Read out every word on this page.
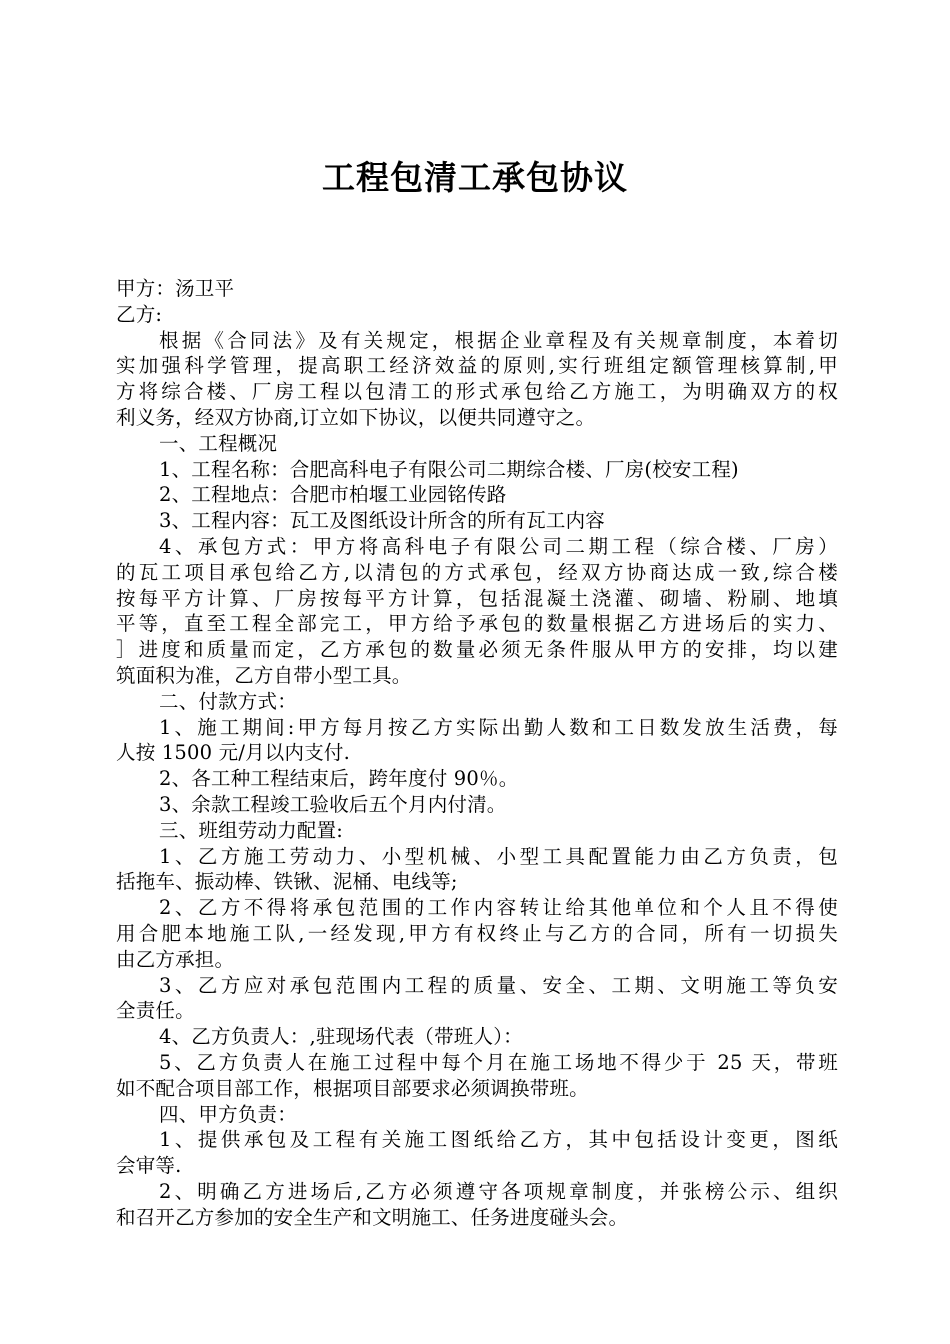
工程包清工承包协议

甲方：汤卫平

乙方:

根据《合同法》及有关规定，根据企业章程及有关规章制度，本着切

实加强科学管理，提高职工经济效益的原则,实行班组定额管理核算制,甲

方将综合楼、厂房工程以包清工的形式承包给乙方施工，为明确双方的权

利义务，经双方协商,订立如下协议，以便共同遵守之。

一、工程概况

1、工程名称：合肥高科电子有限公司二期综合楼、厂房(校安工程)

2、工程地点：合肥市柏堰工业园铭传路

3、工程内容：瓦工及图纸设计所含的所有瓦工内容

4、承包方式：甲方将高科电子有限公司二期工程（综合楼、厂房）

的瓦工项目承包给乙方,以清包的方式承包，经双方协商达成一致,综合楼

按每平方计算、厂房按每平方计算，包括混凝土浇灌、砌墙、粉刷、地填

平等，直至工程全部完工，甲方给予承包的数量根据乙方进场后的实力、

］进度和质量而定，乙方承包的数量必须无条件服从甲方的安排，均以建

筑面积为准，乙方自带小型工具。

二、付款方式：

1、施工期间:甲方每月按乙方实际出勤人数和工日数发放生活费，每

人按 1500 元/月以内支付.

2、各工种工程结束后，跨年度付 90％。

3、余款工程竣工验收后五个月内付清。

三、班组劳动力配置:

1、乙方施工劳动力、小型机械、小型工具配置能力由乙方负责，包

括拖车、振动棒、铁锹、泥桶、电线等;

2、乙方不得将承包范围的工作内容转让给其他单位和个人且不得使

用合肥本地施工队,一经发现,甲方有权终止与乙方的合同，所有一切损失

由乙方承担。

3、乙方应对承包范围内工程的质量、安全、工期、文明施工等负安

全责任。

4、乙方负责人：,驻现场代表（带班人）：

5、乙方负责人在施工过程中每个月在施工场地不得少于 25 天，带班

如不配合项目部工作，根据项目部要求必须调换带班。

四、甲方负责：

1、提供承包及工程有关施工图纸给乙方，其中包括设计变更，图纸

会审等.

2、明确乙方进场后,乙方必须遵守各项规章制度，并张榜公示、组织

和召开乙方参加的安全生产和文明施工、任务进度碰头会。
